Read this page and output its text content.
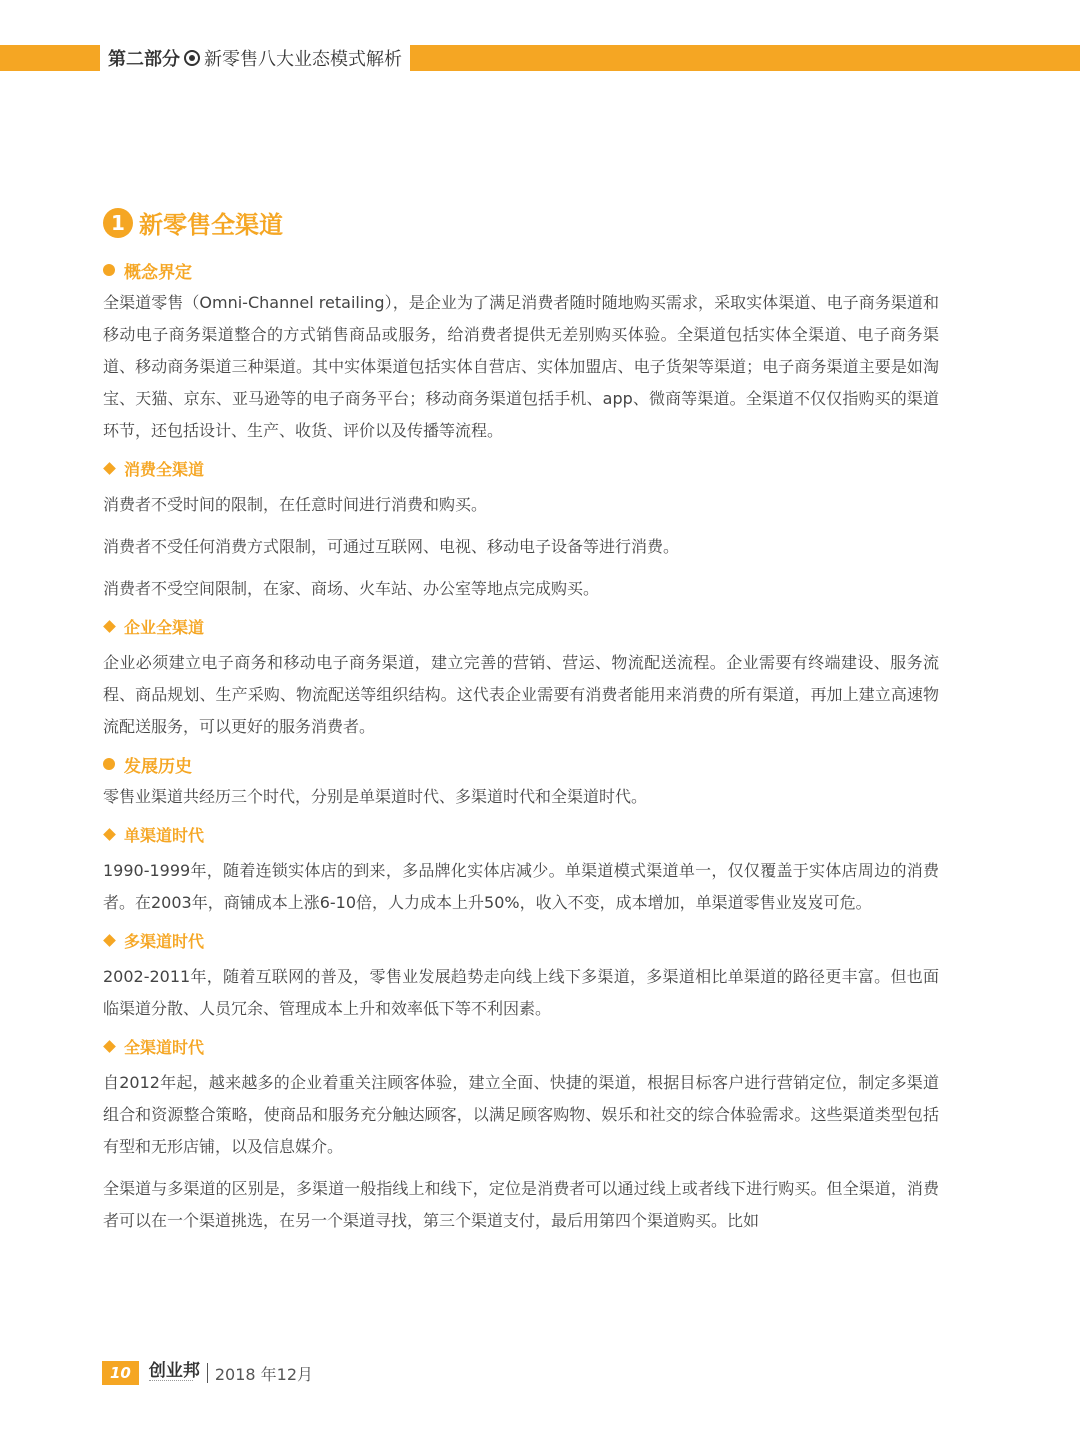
第二部分 新零售八大业态模式解析
1 新零售全渠道
概念界定

全渠道零售（Omni-Channel retailing），是企业为了满足消费者随时随地购买需求，采取实体渠道、电子商务渠道和移动电子商务渠道整合的方式销售商品或服务，给消费者提供无差别购买体验。全渠道包括实体全渠道、电子商务渠道、移动商务渠道三种渠道。其中实体渠道包括实体自营店、实体加盟店、电子货架等渠道；电子商务渠道主要是如淘宝、天猫、京东、亚马逊等的电子商务平台；移动商务渠道包括手机、app、微商等渠道。全渠道不仅仅指购买的渠道环节，还包括设计、生产、收货、评价以及传播等流程。

消费全渠道

消费者不受时间的限制，在任意时间进行消费和购买。

消费者不受任何消费方式限制，可通过互联网、电视、移动电子设备等进行消费。

消费者不受空间限制，在家、商场、火车站、办公室等地点完成购买。

企业全渠道

企业必须建立电子商务和移动电子商务渠道，建立完善的营销、营运、物流配送流程。企业需要有终端建设、服务流程、商品规划、生产采购、物流配送等组织结构。这代表企业需要有消费者能用来消费的所有渠道，再加上建立高速物流配送服务，可以更好的服务消费者。

发展历史

零售业渠道共经历三个时代，分别是单渠道时代、多渠道时代和全渠道时代。

单渠道时代

1990-1999年，随着连锁实体店的到来，多品牌化实体店减少。单渠道模式渠道单一，仅仅覆盖于实体店周边的消费者。在2003年，商铺成本上涨6-10倍，人力成本上升50%，收入不变，成本增加，单渠道零售业岌岌可危。

多渠道时代

2002-2011年，随着互联网的普及，零售业发展趋势走向线上线下多渠道，多渠道相比单渠道的路径更丰富。但也面临渠道分散、人员冗余、管理成本上升和效率低下等不利因素。

全渠道时代

自2012年起，越来越多的企业着重关注顾客体验，建立全面、快捷的渠道，根据目标客户进行营销定位，制定多渠道组合和资源整合策略，使商品和服务充分触达顾客，以满足顾客购物、娱乐和社交的综合体验需求。这些渠道类型包括有型和无形店铺，以及信息媒介。

全渠道与多渠道的区别是，多渠道一般指线上和线下，定位是消费者可以通过线上或者线下进行购买。但全渠道，消费者可以在一个渠道挑选，在另一个渠道寻找，第三个渠道支付，最后用第四个渠道购买。比如

10	创业邦 2018 年12月
